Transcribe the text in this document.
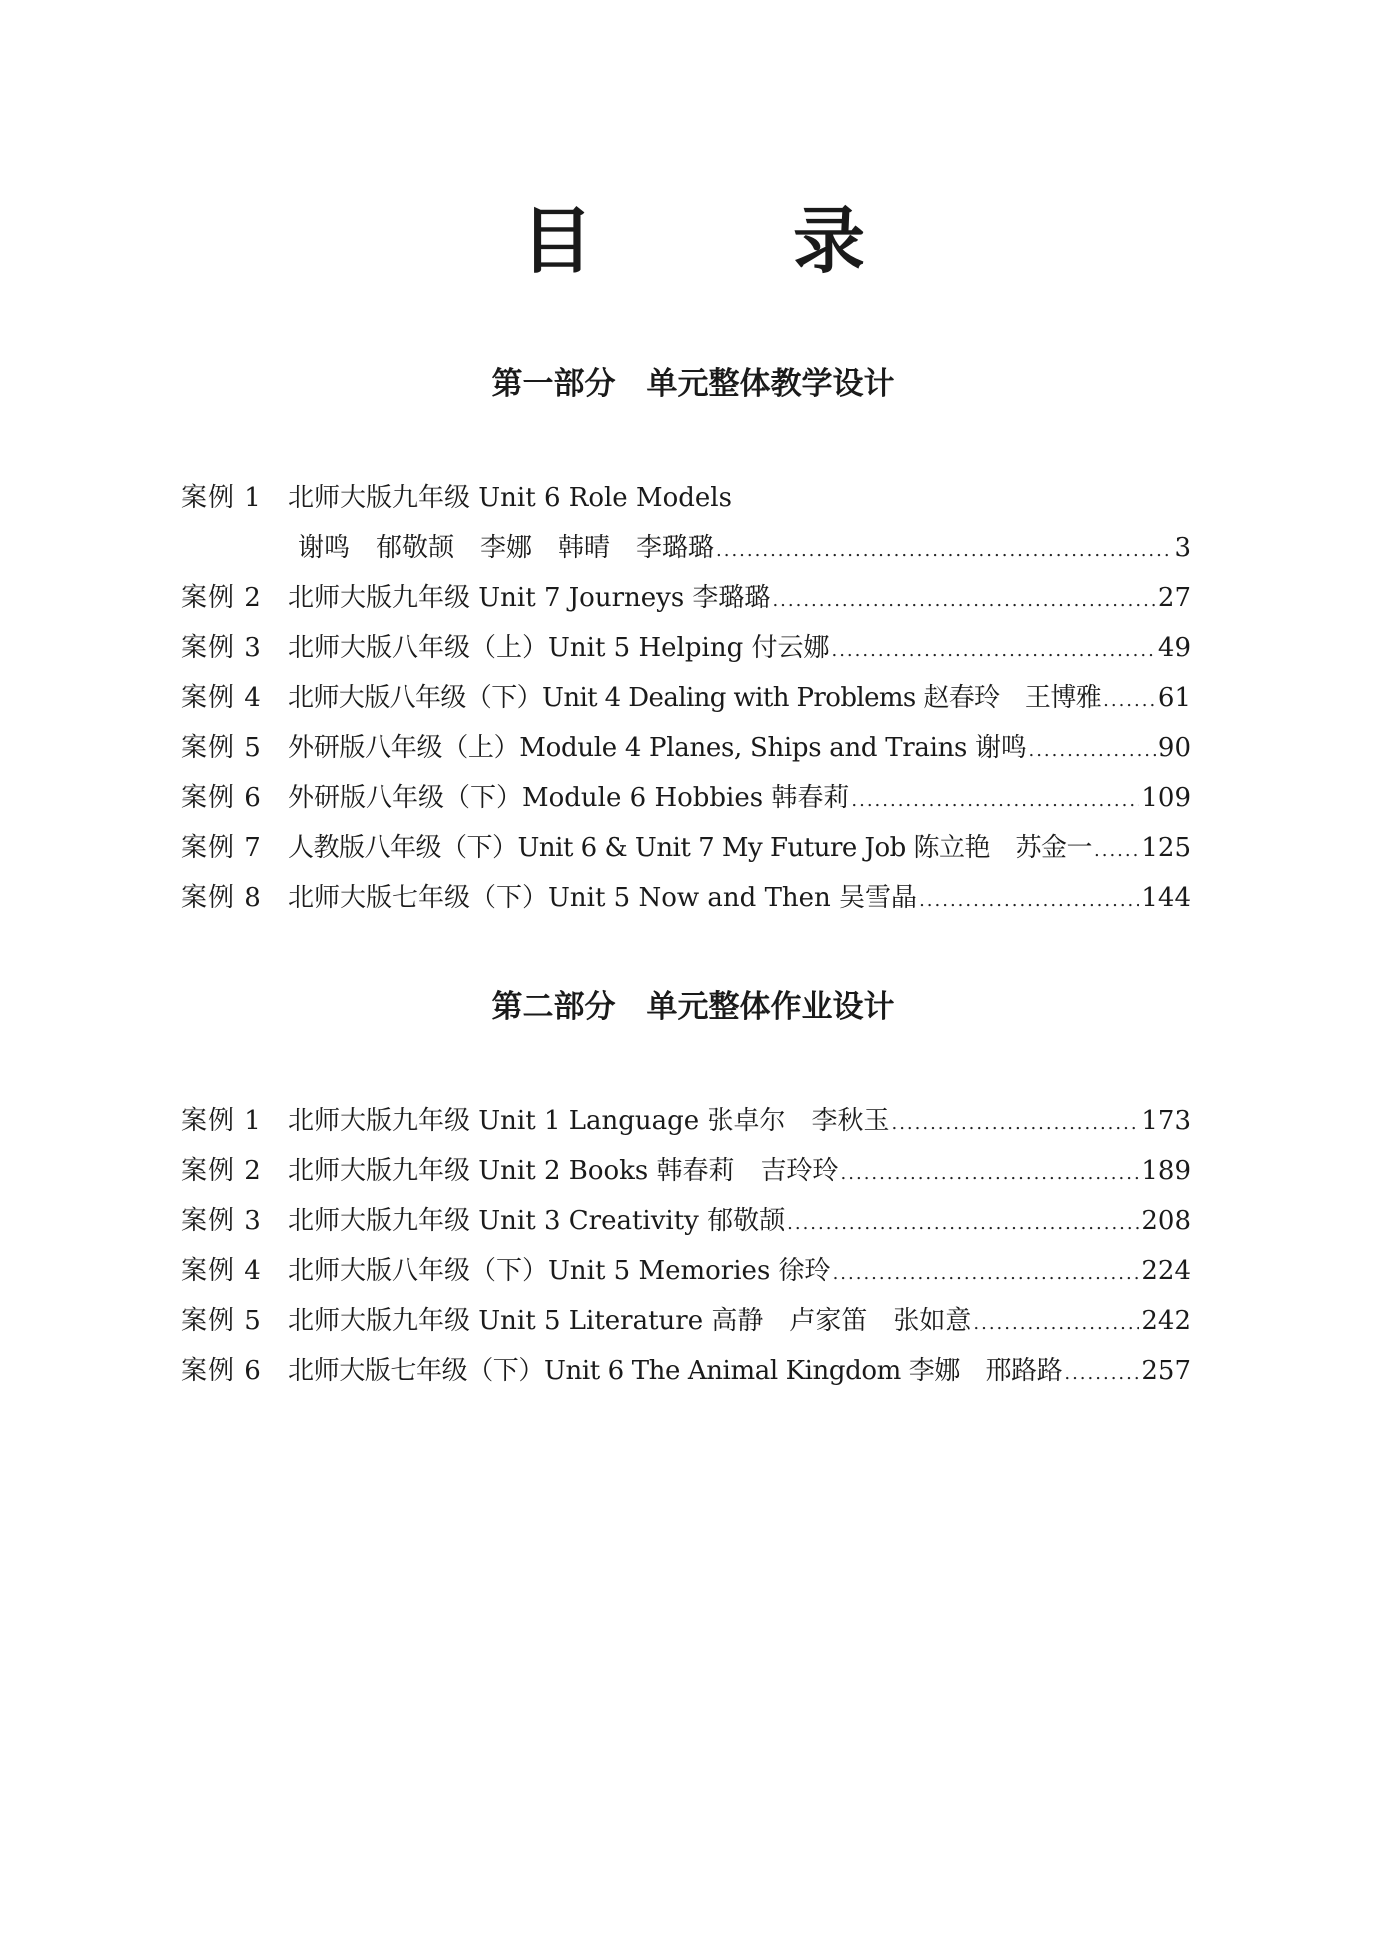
目　录
第一部分　单元整体教学设计
案例 1 北师大版九年级 Unit 6 Role Models
谢鸣　郁敬颉　李娜　韩晴　李璐璐 .....	3
案例 2 北师大版九年级 Unit 7 Journeys 李璐璐 .....	27
案例 3 北师大版八年级（上）Unit 5 Helping 付云娜 .....	49
案例 4 北师大版八年级（下）Unit 4 Dealing with Problems 赵春玲　王博雅 ..... 61
案例 5 外研版八年级（上）Module 4 Planes, Ships and Trains 谢鸣 .....	90
案例 6 外研版八年级（下）Module 6 Hobbies 韩春莉 .....	109
案例 7 人教版八年级（下）Unit 6 & Unit 7 My Future Job 陈立艳　苏金一 ..... 125
案例 8 北师大版七年级（下）Unit 5 Now and Then 吴雪晶 .....	144
第二部分　单元整体作业设计
案例 1 北师大版九年级 Unit 1 Language 张卓尔　李秋玉 .....	173
案例 2 北师大版九年级 Unit 2 Books 韩春莉　吉玲玲 .....	189
案例 3 北师大版九年级 Unit 3 Creativity 郁敬颉 .....	208
案例 4 北师大版八年级（下）Unit 5 Memories 徐玲 .....	224
案例 5 北师大版九年级 Unit 5 Literature 高静　卢家笛　张如意 .....	242
案例 6 北师大版七年级（下）Unit 6 The Animal Kingdom 李娜　邢路路 .....	257
